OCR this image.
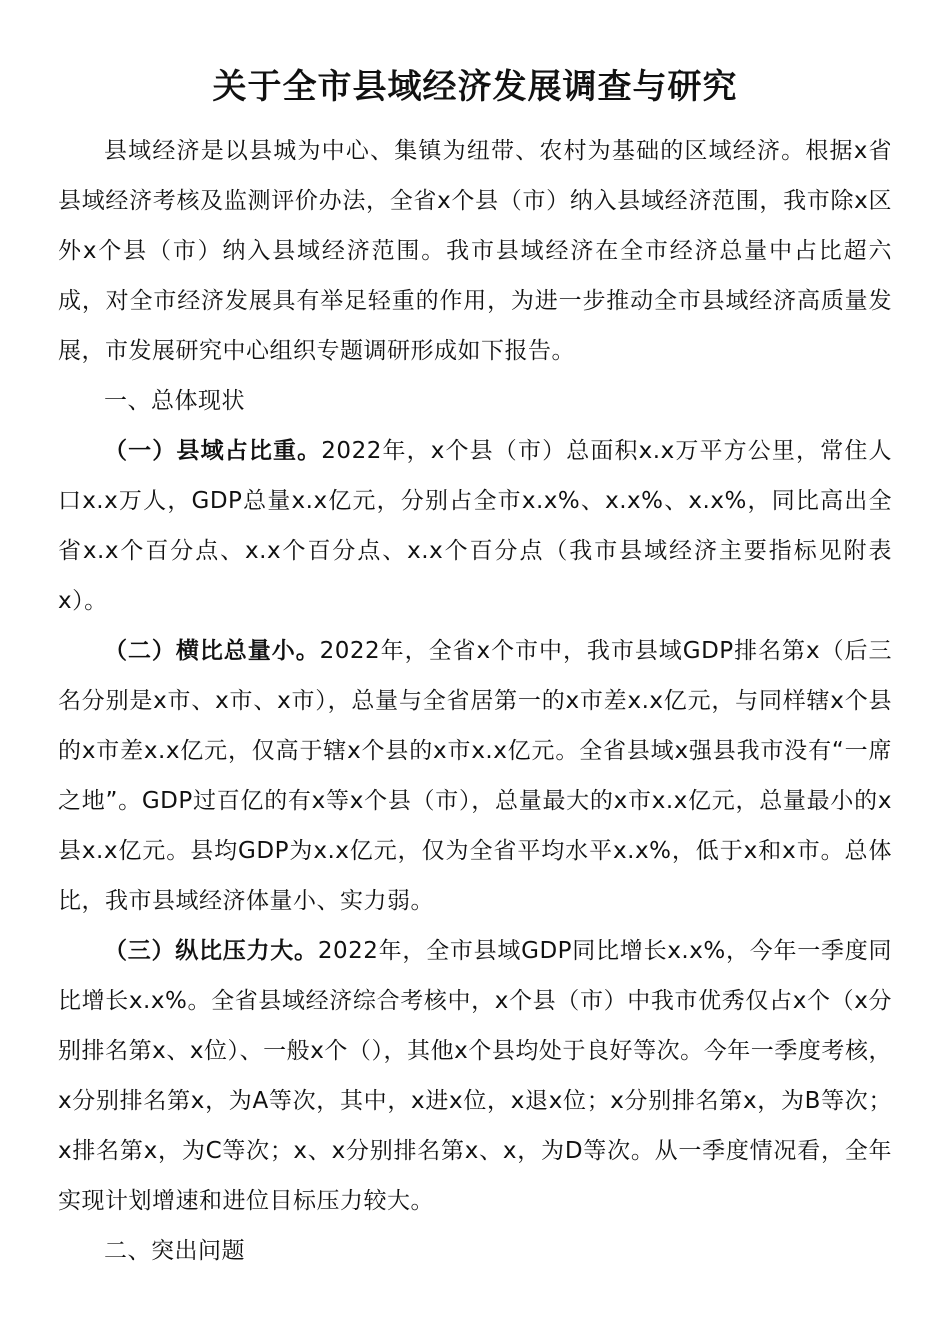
关于全市县域经济发展调查与研究

县域经济是以县城为中心、集镇为纽带、农村为基础的区域经济。根据x省县域经济考核及监测评价办法，全省x个县（市）纳入县域经济范围，我市除x区外x个县（市）纳入县域经济范围。我市县域经济在全市经济总量中占比超六成，对全市经济发展具有举足轻重的作用，为进一步推动全市县域经济高质量发展，市发展研究中心组织专题调研形成如下报告。

一、总体现状

（一）县域占比重。2022年，x个县（市）总面积x.x万平方公里，常住人口x.x万人，GDP总量x.x亿元，分别占全市x.x%、x.x%、x.x%，同比高出全省x.x个百分点、x.x个百分点、x.x个百分点（我市县域经济主要指标见附表x）。

（二）横比总量小。2022年，全省x个市中，我市县域GDP排名第x（后三名分别是x市、x市、x市），总量与全省居第一的x市差x.x亿元，与同样辖x个县的x市差x.x亿元，仅高于辖x个县的x市x.x亿元。全省县域x强县我市没有“一席之地”。GDP过百亿的有x等x个县（市），总量最大的x市x.x亿元，总量最小的x县x.x亿元。县均GDP为x.x亿元，仅为全省平均水平x.x%，低于x和x市。总体比，我市县域经济体量小、实力弱。

（三）纵比压力大。2022年，全市县域GDP同比增长x.x%，今年一季度同比增长x.x%。全省县域经济综合考核中，x个县（市）中我市优秀仅占x个（x分别排名第x、x位）、一般x个（），其他x个县均处于良好等次。今年一季度考核，x分别排名第x，为A等次，其中，x进x位，x退x位；x分别排名第x，为B等次；x排名第x，为C等次；x、x分别排名第x、x，为D等次。从一季度情况看，全年实现计划增速和进位目标压力较大。

二、突出问题
